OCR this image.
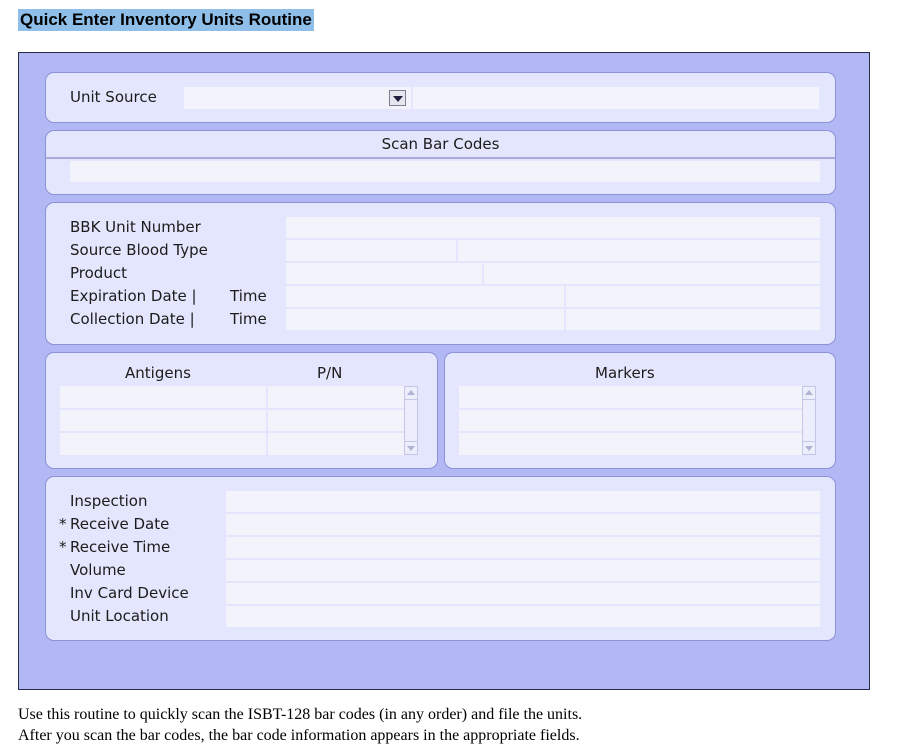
Quick Enter Inventory Units Routine
Unit Source
Scan Bar Codes
BBK Unit Number
Source Blood Type
Product
Expiration Date | Time
Collection Date | Time
Antigens	P/N	Markers
Inspection
* Receive Date
* Receive Time
Volume
Inv Card Device
Unit Location
Use this routine to quickly scan the ISBT-128 bar codes (in any order) and file the units.
After you scan the bar codes, the bar code information appears in the appropriate fields.
